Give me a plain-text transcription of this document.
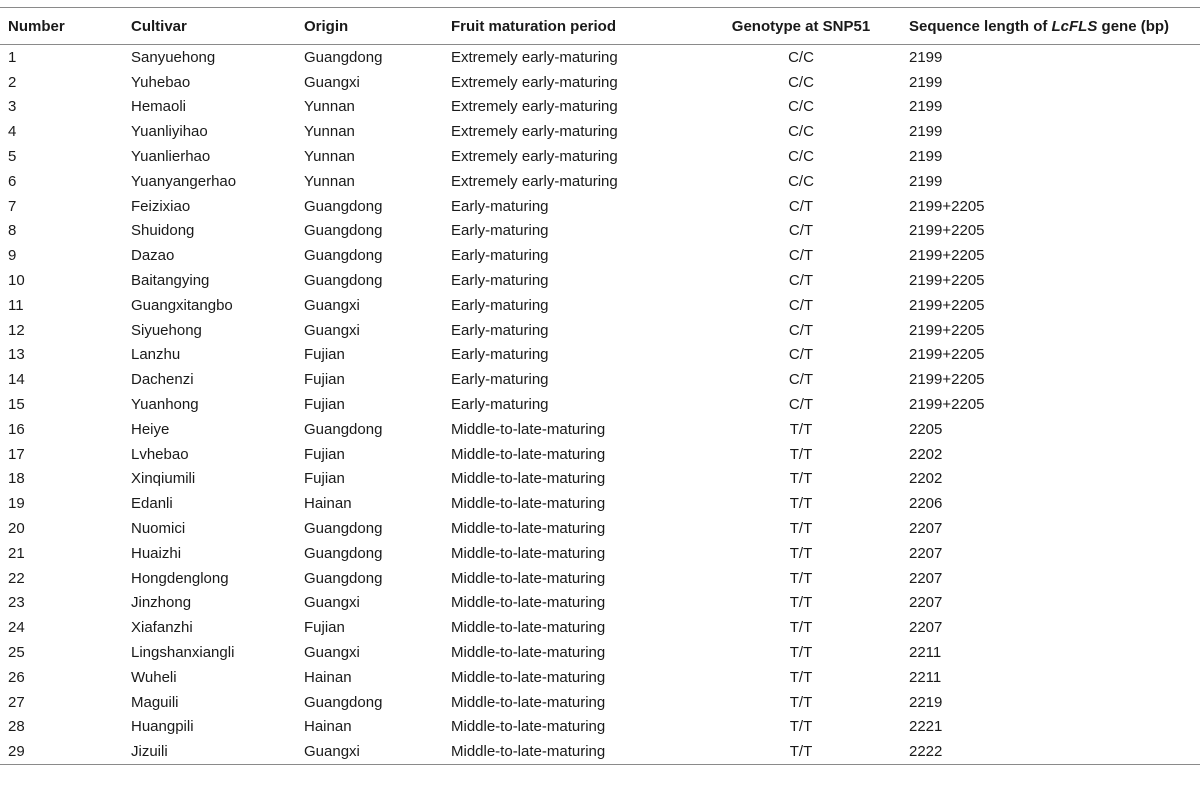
Number	Cultivar	Origin	Fruit maturation period	Genotype at SNP51	Sequence length of LcFLS gene (bp)
1	Sanyuehong	Guangdong	Extremely early-maturing	C/C	2199
2	Yuhebao	Guangxi	Extremely early-maturing	C/C	2199
3	Hemaoli	Yunnan	Extremely early-maturing	C/C	2199
4	Yuanliyihao	Yunnan	Extremely early-maturing	C/C	2199
5	Yuanlierhao	Yunnan	Extremely early-maturing	C/C	2199
6	Yuanyangerhao	Yunnan	Extremely early-maturing	C/C	2199
7	Feizixiao	Guangdong	Early-maturing	C/T	2199+2205
8	Shuidong	Guangdong	Early-maturing	C/T	2199+2205
9	Dazao	Guangdong	Early-maturing	C/T	2199+2205
10	Baitangying	Guangdong	Early-maturing	C/T	2199+2205
11	Guangxitangbo	Guangxi	Early-maturing	C/T	2199+2205
12	Siyuehong	Guangxi	Early-maturing	C/T	2199+2205
13	Lanzhu	Fujian	Early-maturing	C/T	2199+2205
14	Dachenzi	Fujian	Early-maturing	C/T	2199+2205
15	Yuanhong	Fujian	Early-maturing	C/T	2199+2205
16	Heiye	Guangdong	Middle-to-late-maturing	T/T	2205
17	Lvhebao	Fujian	Middle-to-late-maturing	T/T	2202
18	Xinqiumili	Fujian	Middle-to-late-maturing	T/T	2202
19	Edanli	Hainan	Middle-to-late-maturing	T/T	2206
20	Nuomici	Guangdong	Middle-to-late-maturing	T/T	2207
21	Huaizhi	Guangdong	Middle-to-late-maturing	T/T	2207
22	Hongdenglong	Guangdong	Middle-to-late-maturing	T/T	2207
23	Jinzhong	Guangxi	Middle-to-late-maturing	T/T	2207
24	Xiafanzhi	Fujian	Middle-to-late-maturing	T/T	2207
25	Lingshanxiangli	Guangxi	Middle-to-late-maturing	T/T	2211
26	Wuheli	Hainan	Middle-to-late-maturing	T/T	2211
27	Maguili	Guangdong	Middle-to-late-maturing	T/T	2219
28	Huangpili	Hainan	Middle-to-late-maturing	T/T	2221
29	Jizuili	Guangxi	Middle-to-late-maturing	T/T	2222
